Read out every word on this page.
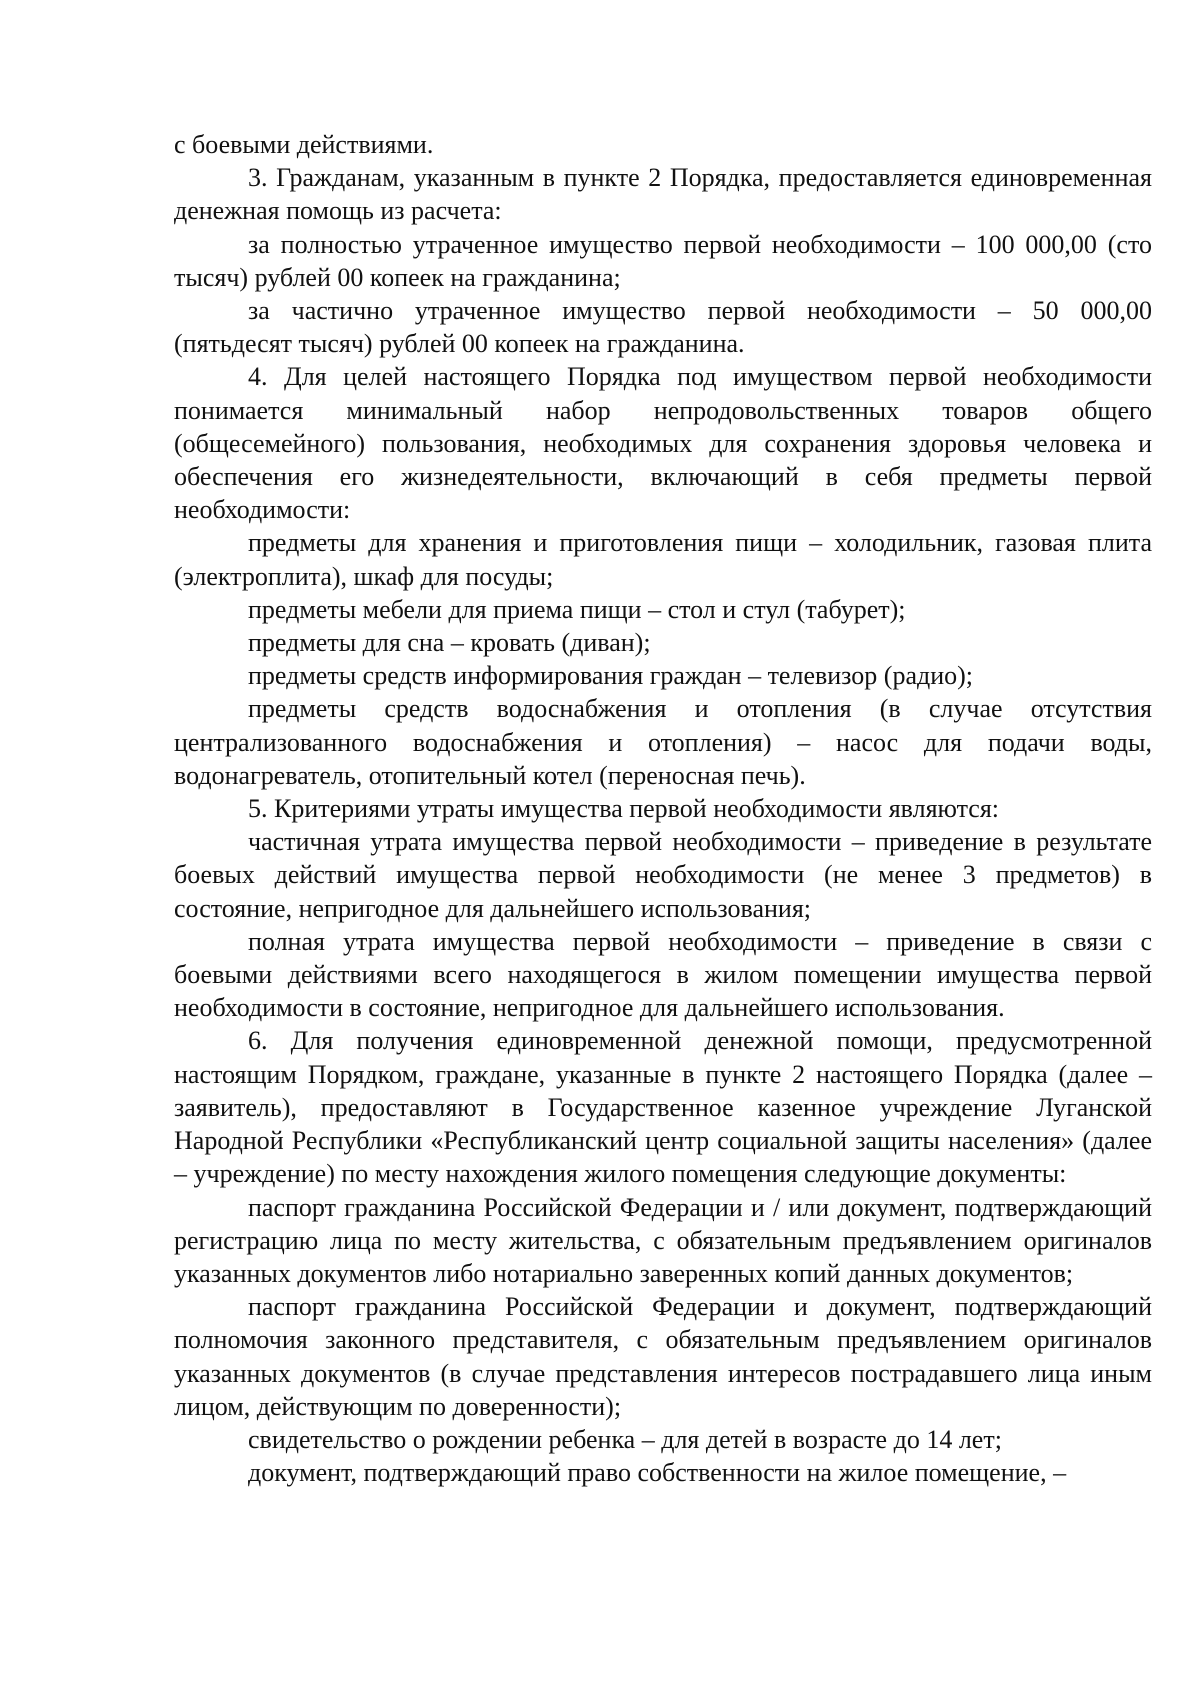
с боевыми действиями.

3. Гражданам, указанным в пункте 2 Порядка, предоставляется единовременная денежная помощь из расчета:

за полностью утраченное имущество первой необходимости – 100 000,00 (сто тысяч) рублей 00 копеек на гражданина;

за частично утраченное имущество первой необходимости – 50 000,00 (пятьдесят тысяч) рублей 00 копеек на гражданина.

4. Для целей настоящего Порядка под имуществом первой необходимости понимается минимальный набор непродовольственных товаров общего (общесемейного) пользования, необходимых для сохранения здоровья человека и обеспечения его жизнедеятельности, включающий в себя предметы первой необходимости:

предметы для хранения и приготовления пищи – холодильник, газовая плита (электроплита), шкаф для посуды;

предметы мебели для приема пищи – стол и стул (табурет);

предметы для сна – кровать (диван);

предметы средств информирования граждан – телевизор (радио);

предметы средств водоснабжения и отопления (в случае отсутствия централизованного водоснабжения и отопления) – насос для подачи воды, водонагреватель, отопительный котел (переносная печь).

5. Критериями утраты имущества первой необходимости являются:

частичная утрата имущества первой необходимости – приведение в результате боевых действий имущества первой необходимости (не менее 3 предметов) в состояние, непригодное для дальнейшего использования;

полная утрата имущества первой необходимости – приведение в связи с боевыми действиями всего находящегося в жилом помещении имущества первой необходимости в состояние, непригодное для дальнейшего использования.

6. Для получения единовременной денежной помощи, предусмотренной настоящим Порядком, граждане, указанные в пункте 2 настоящего Порядка (далее – заявитель), предоставляют в Государственное казенное учреждение Луганской Народной Республики «Республиканский центр социальной защиты населения» (далее – учреждение) по месту нахождения жилого помещения следующие документы:

паспорт гражданина Российской Федерации и / или документ, подтверждающий регистрацию лица по месту жительства, с обязательным предъявлением оригиналов указанных документов либо нотариально заверенных копий данных документов;

паспорт гражданина Российской Федерации и документ, подтверждающий полномочия законного представителя, с обязательным предъявлением оригиналов указанных документов (в случае представления интересов пострадавшего лица иным лицом, действующим по доверенности);

свидетельство о рождении ребенка – для детей в возрасте до 14 лет;

документ, подтверждающий право собственности на жилое помещение, –
